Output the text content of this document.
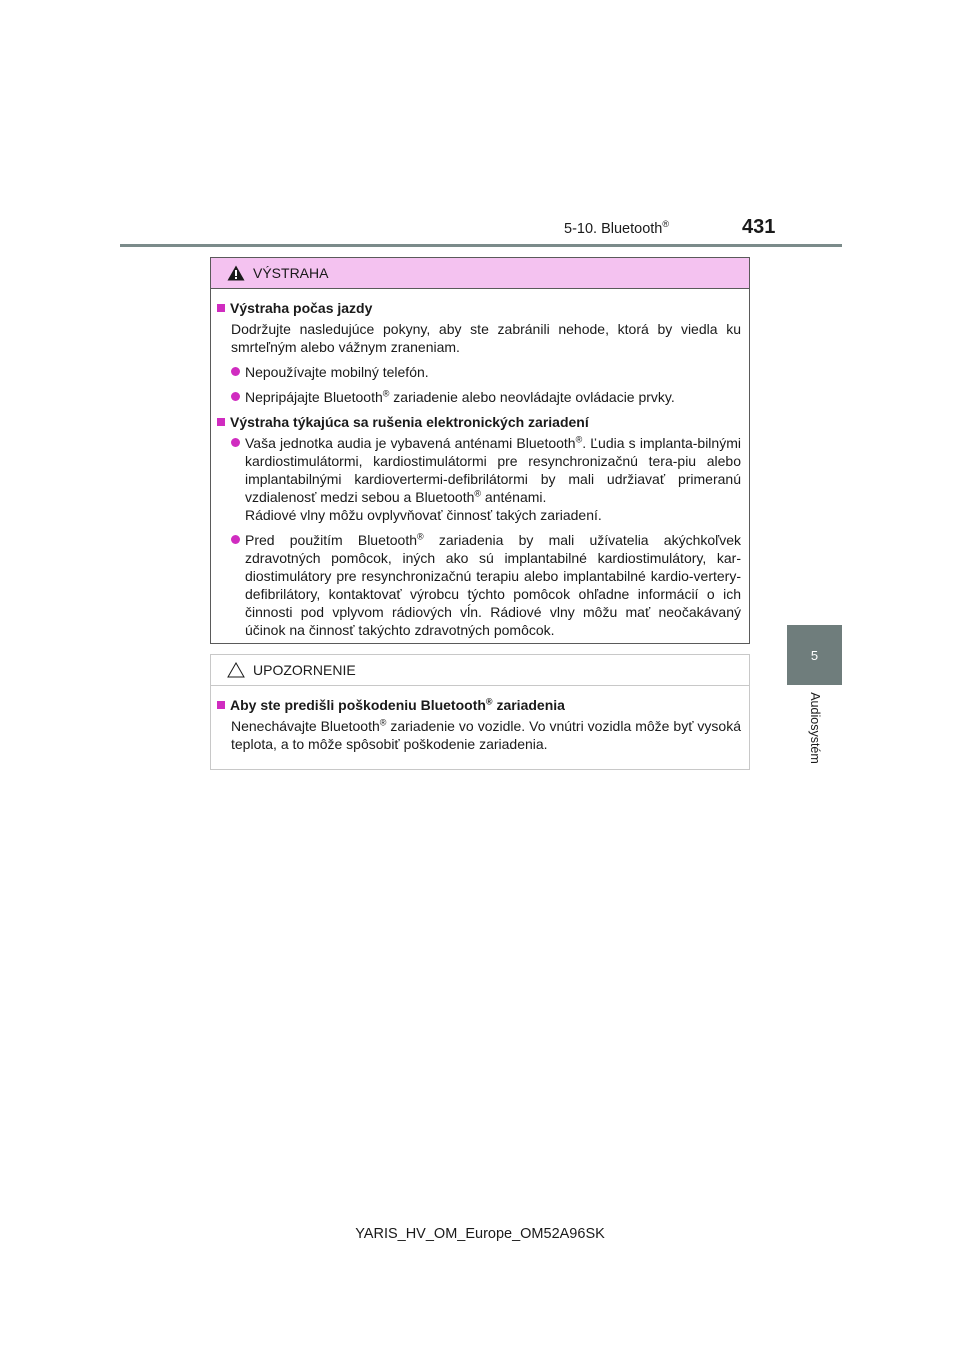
5-10. Bluetooth®	431
5
Audiosystém
VÝSTRAHA
Výstraha počas jazdy
Dodržujte nasledujúce pokyny, aby ste zabránili nehode, ktorá by viedla ku smrteľným alebo vážnym zraneniam.
Nepoužívajte mobilný telefón.
Nepripájajte Bluetooth® zariadenie alebo neovládajte ovládacie prvky.
Výstraha týkajúca sa rušenia elektronických zariadení
Vaša jednotka audia je vybavená anténami Bluetooth®. Ľudia s implanta-bilnými kardiostimulátormi, kardiostimulátormi pre resynchronizačnú tera-piu alebo implantabilnými kardiovertermi-defibrilátormi by mali udržiavať primeranú vzdialenosť medzi sebou a Bluetooth® anténami.
Rádiové vlny môžu ovplyvňovať činnosť takých zariadení.
Pred použitím Bluetooth® zariadenia by mali užívatelia akýchkoľvek zdravotných pomôcok, iných ako sú implantabilné kardiostimulátory, kar-diostimulátory pre resynchronizačnú terapiu alebo implantabilné kardio-vertery-defibrilátory, kontaktovať výrobcu týchto pomôcok ohľadne informácií o ich činnosti pod vplyvom rádiových vĺn. Rádiové vlny môžu mať neočakávaný účinok na činnosť takýchto zdravotných pomôcok.
UPOZORNENIE
Aby ste predišli poškodeniu Bluetooth® zariadenia
Nenechávajte Bluetooth® zariadenie vo vozidle. Vo vnútri vozidla môže byť vysoká teplota, a to môže spôsobiť poškodenie zariadenia.
YARIS_HV_OM_Europe_OM52A96SK
